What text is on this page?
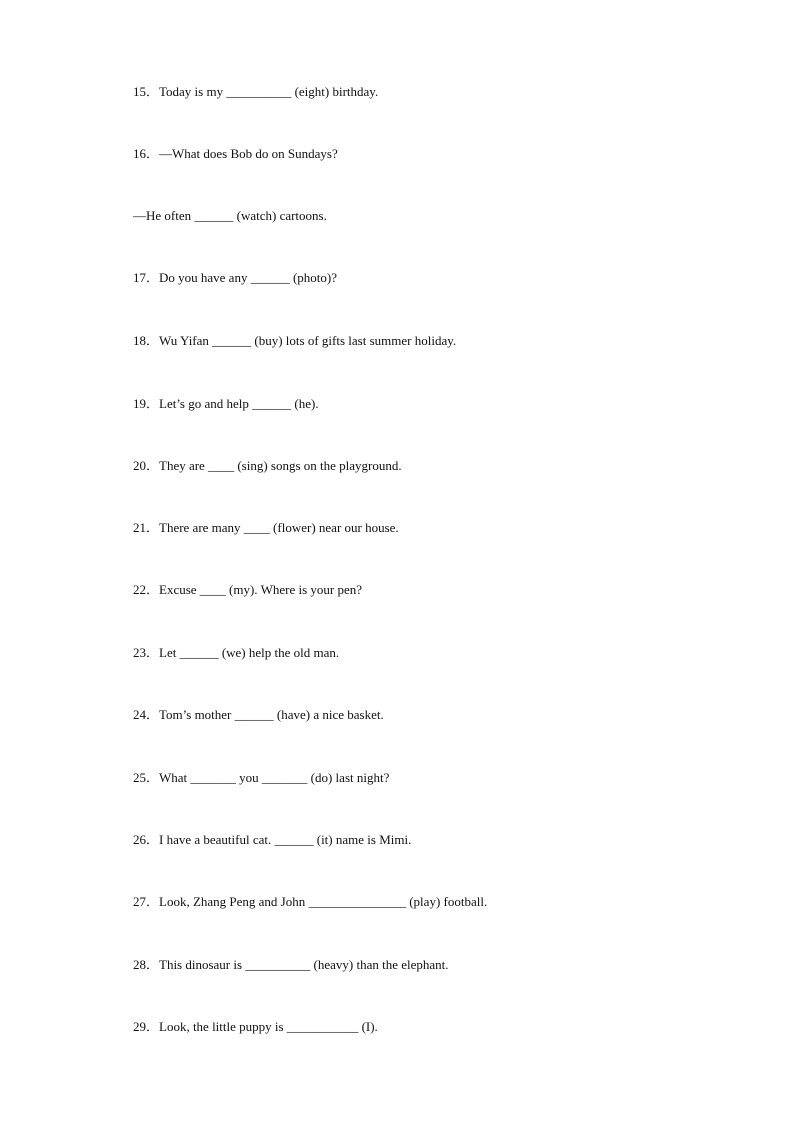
15．Today is my __________ (eight) birthday.
16．—What does Bob do on Sundays?
—He often ______ (watch) cartoons.
17．Do you have any ______ (photo)?
18．Wu Yifan ______ (buy) lots of gifts last summer holiday.
19．Let’s go and help ______ (he).
20．They are ____ (sing) songs on the playground.
21．There are many ____ (flower) near our house.
22．Excuse ____ (my). Where is your pen?
23．Let ______ (we) help the old man.
24．Tom’s mother ______ (have) a nice basket.
25．What _______ you _______ (do) last night?
26．I have a beautiful cat. ______ (it) name is Mimi.
27．Look, Zhang Peng and John _______________ (play) football.
28．This dinosaur is __________ (heavy) than the elephant.
29．Look, the little puppy is ___________ (I).
